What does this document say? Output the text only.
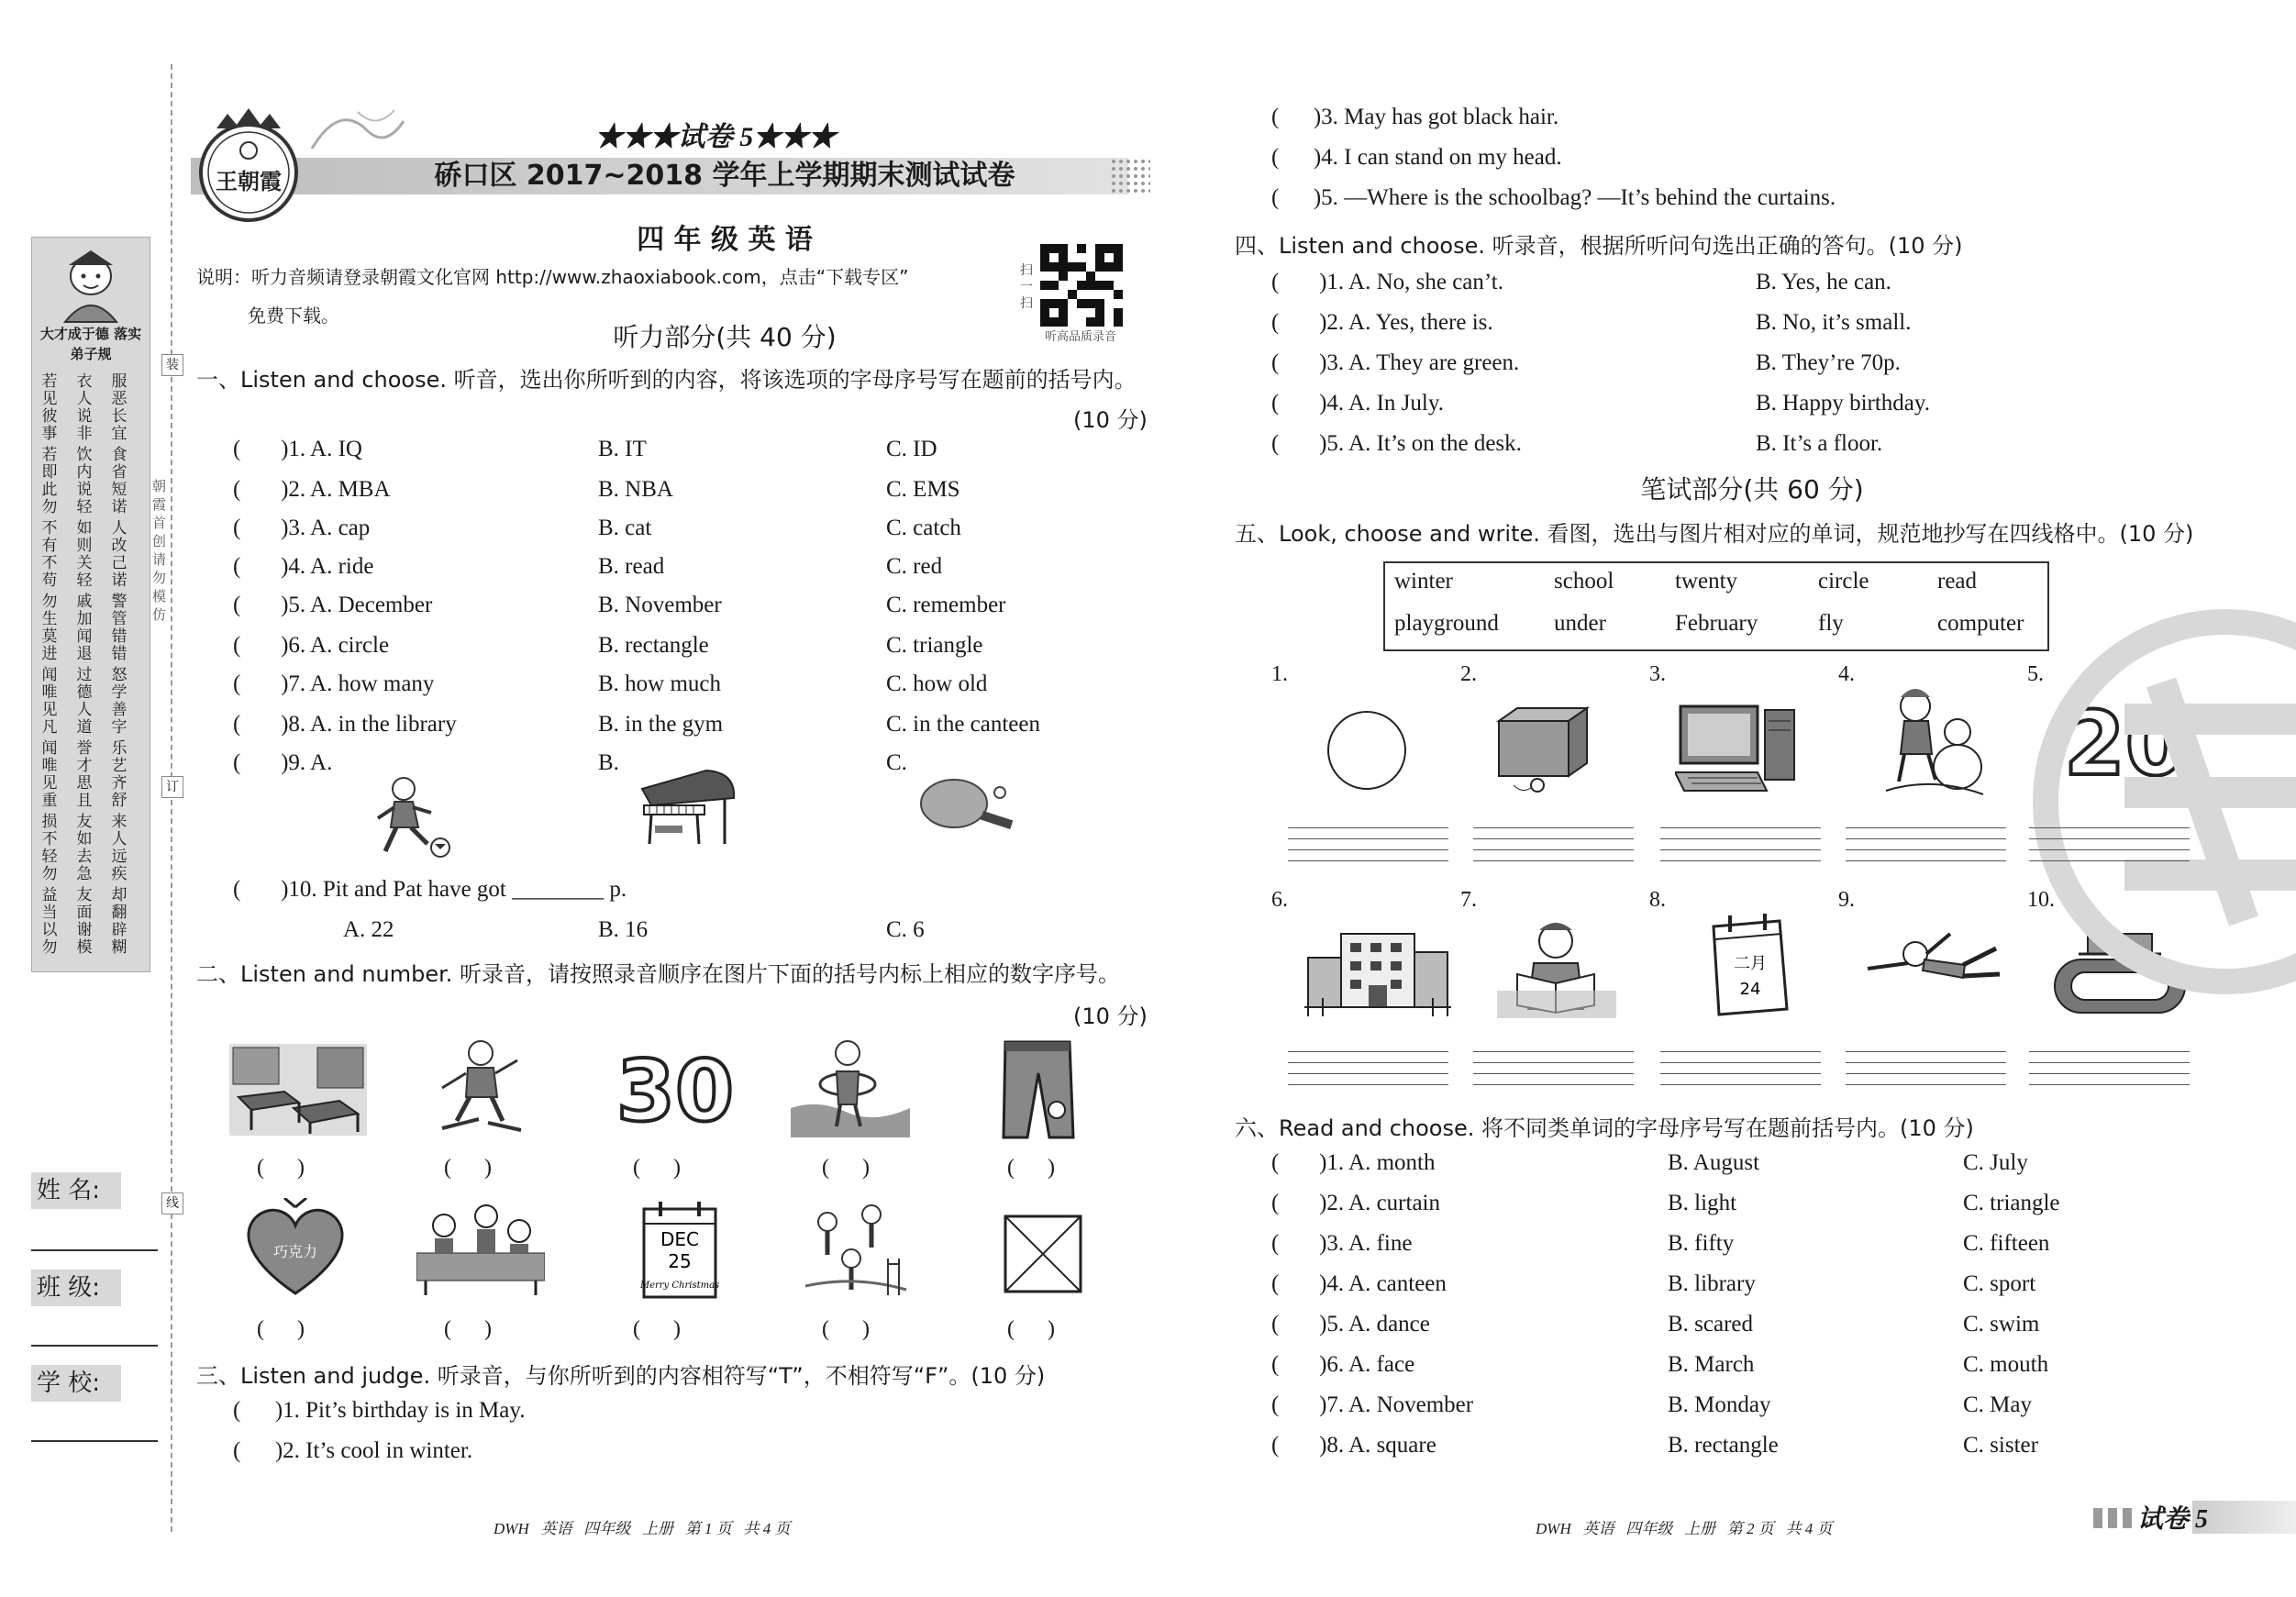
大才成于德 落实弟子规
若见彼事
衣人说非
服恶长宜
若即此勿
饮内说轻
食省短诺
不有不苟
如则关轻
人改己诺
勿生莫进
戚加闻退
警管错错
闻唯见凡
过德人道
怒学善字
闻唯见重
誉才思且
乐艺齐舒
损不轻勿
友如去急
来人远疾
益当以勿
友面谢模
却翻辟糊
朝霞首创 请勿模仿
装
订
线
姓 名:
班 级:
学 校:
王朝霞
★★★试卷 5★★★
硚口区 2017~2018 学年上学期期末测试试卷
四 年 级 英 语
说明：听力音频请登录朝霞文化官网 http://www.zhaoxiabook.com，点击“下载专区”
免费下载。
扫一扫
听高品质录音
听力部分(共 40 分)
一、Listen and choose. 听音，选出你所听到的内容，将该选项的字母序号写在题前的括号内。
(10 分)
(       )10. Pit and Pat have got ________ p.
A. 22	B. 16	C. 6
二、Listen and number. 听录音，请按照录音顺序在图片下面的括号内标上相应的数字序号。
(10 分)
30
巧克力
DEC
25
Merry Christmas
三、Listen and judge. 听录音，与你所听到的内容相符写“T”，不相符写“F”。(10 分)
(      )1. Pit’s birthday is in May.
(      )2. It’s cool in winter.
DWH   英语   四年级   上册   第 1 页   共 4 页
(      )3. May has got black hair.
(      )4. I can stand on my head.
(      )5. —Where is the schoolbag? —It’s behind the curtains.
四、Listen and choose. 听录音，根据所听问句选出正确的答句。(10 分)
笔试部分(共 60 分)
五、Look, choose and write. 看图，选出与图片相对应的单词，规范地抄写在四线格中。(10 分)
20
二月
24
六、Read and choose. 将不同类单词的字母序号写在题前括号内。(10 分)
DWH   英语   四年级   上册   第 2 页   共 4 页	试卷 5
(       )1. A. IQ	B. IT	C. ID
(       )2. A. MBA	B. NBA	C. EMS
(       )3. A. cap	B. cat	C. catch
(       )4. A. ride	B. read	C. red
(       )5. A. December	B. November	C. remember
(       )6. A. circle	B. rectangle	C. triangle
(       )7. A. how many	B. how much	C. how old
(       )8. A. in the library	B. in the gym	C. in the canteen
(       )9. A.	B.	C.
(      )
(      )
(      )
(      )
(      )
(      )
(      )
(      )
(      )
(      )
(       )1. A. No, she can’t.	B. Yes, he can.
(       )2. A. Yes, there is.	B. No, it’s small.
(       )3. A. They are green.	B. They’re 70p.
(       )4. A. In July.	B. Happy birthday.
(       )5. A. It’s on the desk.	B. It’s a floor.
winter	school	twenty	circle	read
playground under	February	fly	computer
1.
6.
2.
7.
3.
8.
4.
9.
5.
10.
(       )1. A. month	B. August	C. July
(       )2. A. curtain	B. light	C. triangle
(       )3. A. fine	B. fifty	C. fifteen
(       )4. A. canteen	B. library	C. sport
(       )5. A. dance	B. scared	C. swim
(       )6. A. face	B. March	C. mouth
(       )7. A. November	B. Monday	C. May
(       )8. A. square	B. rectangle	C. sister
